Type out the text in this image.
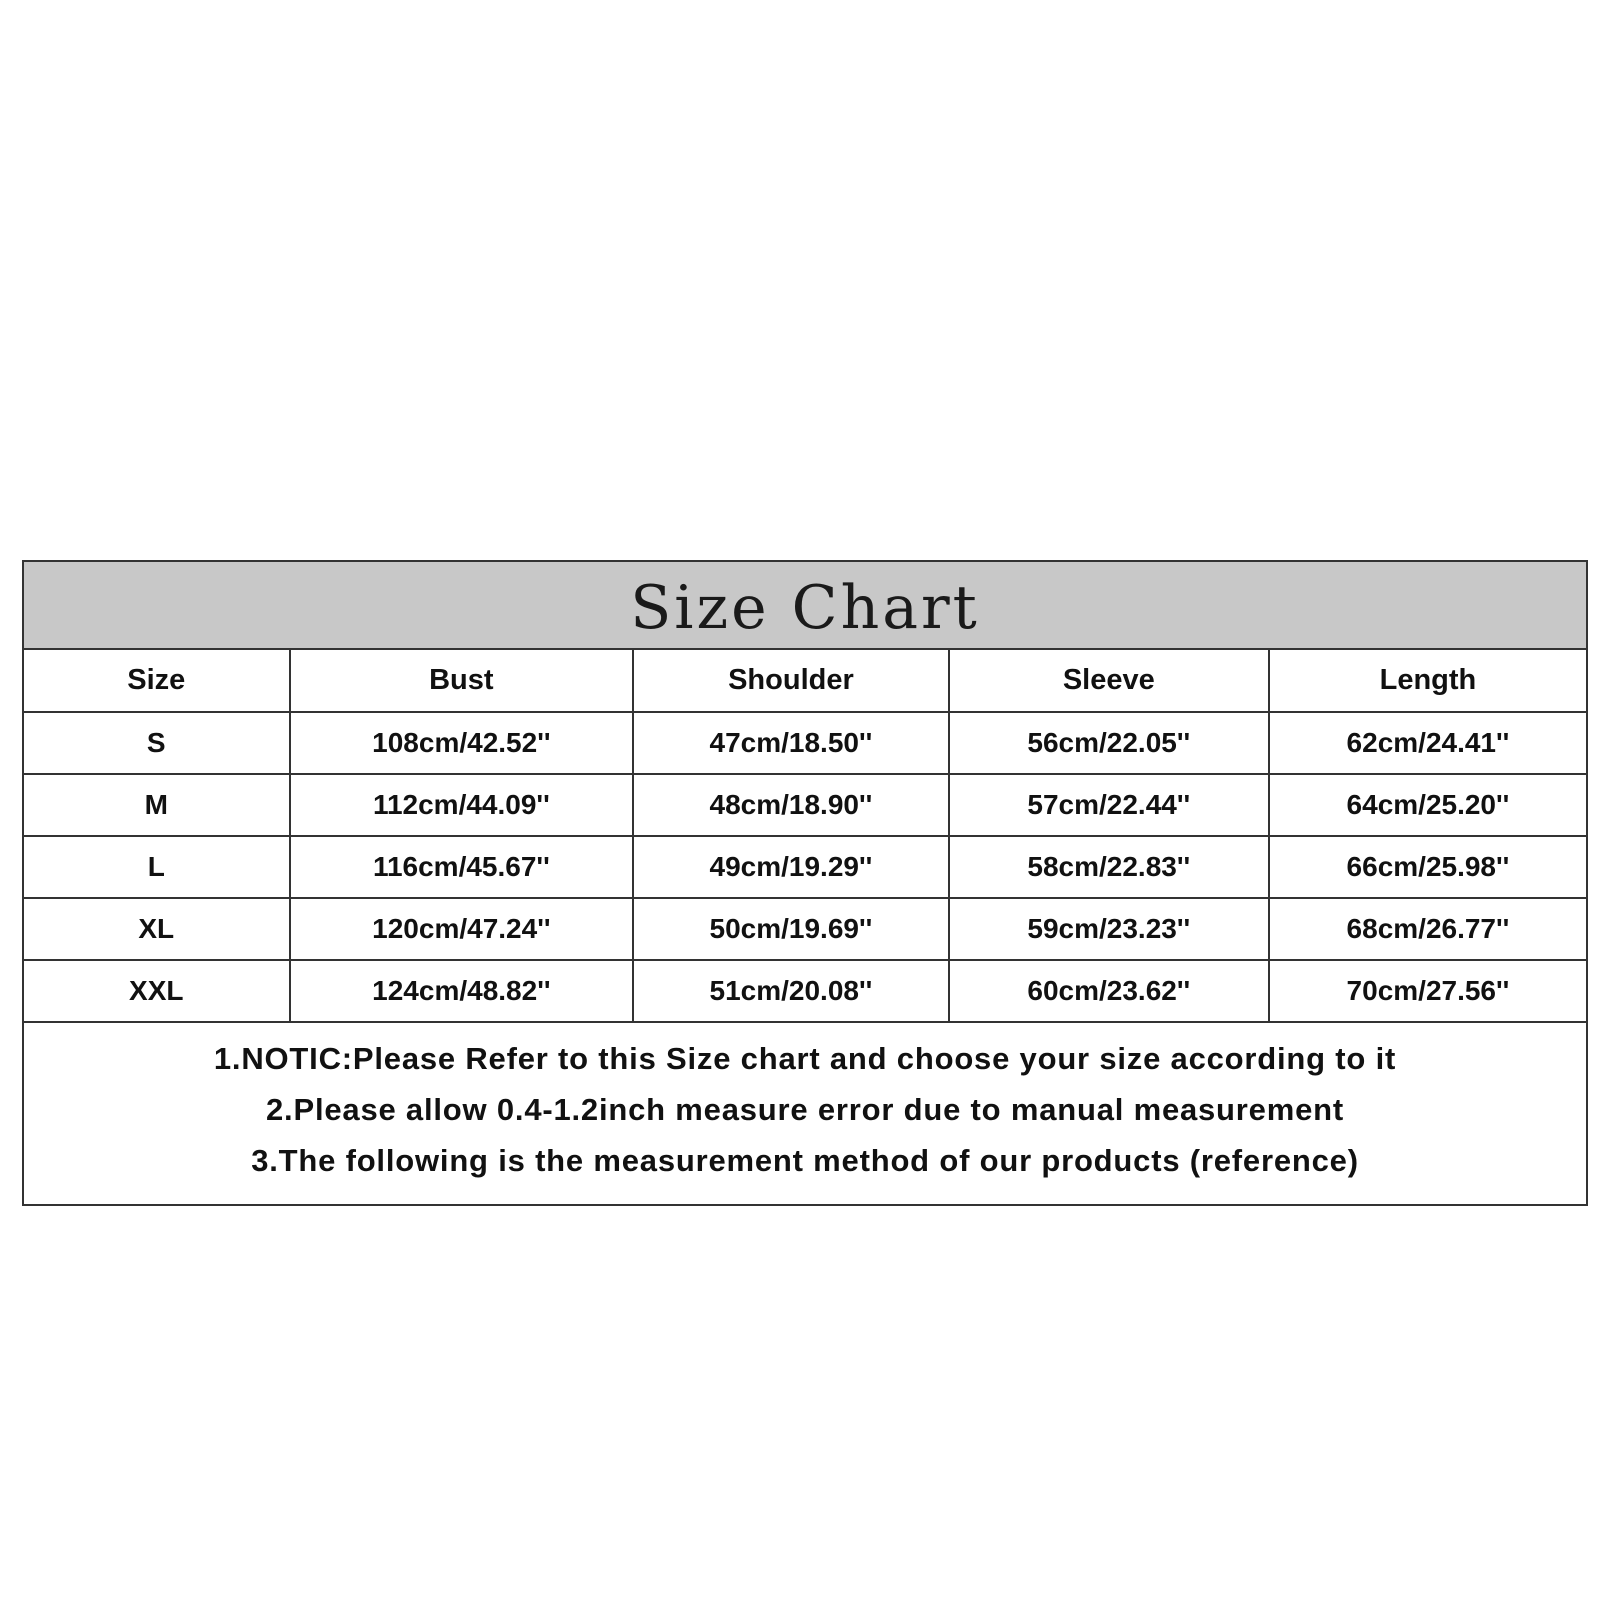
Size Chart
Size	Bust	Shoulder	Sleeve	Length
S	108cm/42.52''	47cm/18.50''	56cm/22.05''	62cm/24.41''
M	112cm/44.09''	48cm/18.90''	57cm/22.44''	64cm/25.20''
L	116cm/45.67''	49cm/19.29''	58cm/22.83''	66cm/25.98''
XL	120cm/47.24''	50cm/19.69''	59cm/23.23''	68cm/26.77''
XXL	124cm/48.82''	51cm/20.08''	60cm/23.62''	70cm/27.56''
1.NOTIC:Please Refer to this Size chart and choose your size according to it
2.Please allow 0.4-1.2inch measure error due to manual measurement
3.The following is the measurement method of our products (reference)
